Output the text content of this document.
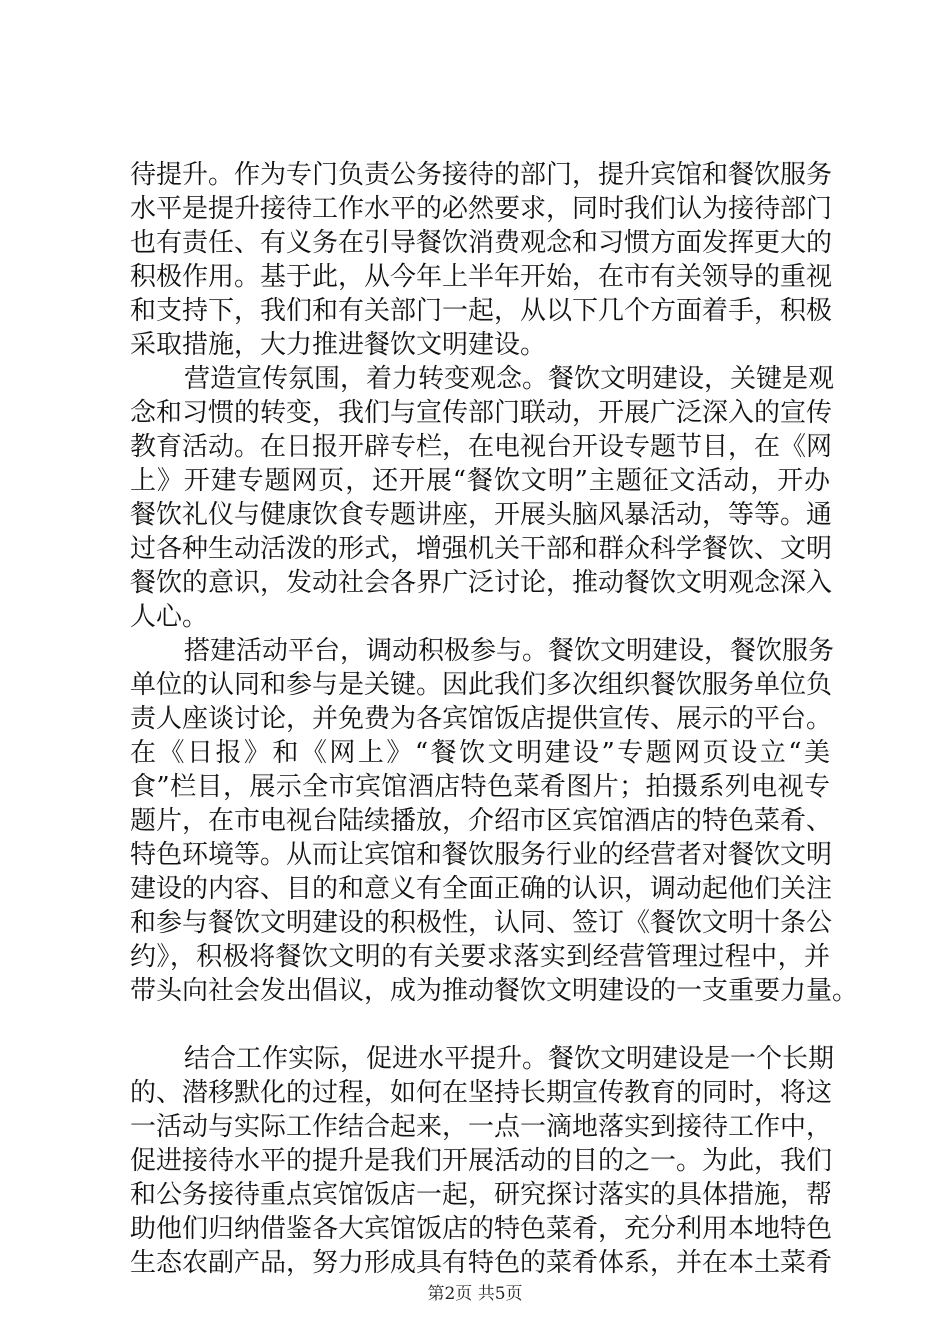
待提升。作为专门负责公务接待的部门，提升宾馆和餐饮服务
水平是提升接待工作水平的必然要求，同时我们认为接待部门
也有责任、有义务在引导餐饮消费观念和习惯方面发挥更大的
积极作用。基于此，从今年上半年开始，在市有关领导的重视
和支持下，我们和有关部门一起，从以下几个方面着手，积极
采取措施，大力推进餐饮文明建设。
营造宣传氛围，着力转变观念。餐饮文明建设，关键是观
念和习惯的转变，我们与宣传部门联动，开展广泛深入的宣传
教育活动。在日报开辟专栏，在电视台开设专题节目，在《网
上》开建专题网页，还开展“餐饮文明”主题征文活动，开办
餐饮礼仪与健康饮食专题讲座，开展头脑风暴活动，等等。通
过各种生动活泼的形式，增强机关干部和群众科学餐饮、文明
餐饮的意识，发动社会各界广泛讨论，推动餐饮文明观念深入
人心。
搭建活动平台，调动积极参与。餐饮文明建设，餐饮服务
单位的认同和参与是关键。因此我们多次组织餐饮服务单位负
责人座谈讨论，并免费为各宾馆饭店提供宣传、展示的平台。
在《日报》和《网上》“餐饮文明建设”专题网页设立“美
食”栏目，展示全市宾馆酒店特色菜肴图片；拍摄系列电视专
题片，在市电视台陆续播放，介绍市区宾馆酒店的特色菜肴、
特色环境等。从而让宾馆和餐饮服务行业的经营者对餐饮文明
建设的内容、目的和意义有全面正确的认识，调动起他们关注
和参与餐饮文明建设的积极性，认同、签订《餐饮文明十条公
约》，积极将餐饮文明的有关要求落实到经营管理过程中，并
带头向社会发出倡议，成为推动餐饮文明建设的一支重要力量。
结合工作实际，促进水平提升。餐饮文明建设是一个长期
的、潜移默化的过程，如何在坚持长期宣传教育的同时，将这
一活动与实际工作结合起来，一点一滴地落实到接待工作中，
促进接待水平的提升是我们开展活动的目的之一。为此，我们
和公务接待重点宾馆饭店一起，研究探讨落实的具体措施，帮
助他们归纳借鉴各大宾馆饭店的特色菜肴，充分利用本地特色
生态农副产品，努力形成具有特色的菜肴体系，并在本土菜肴
第2页 共5页
